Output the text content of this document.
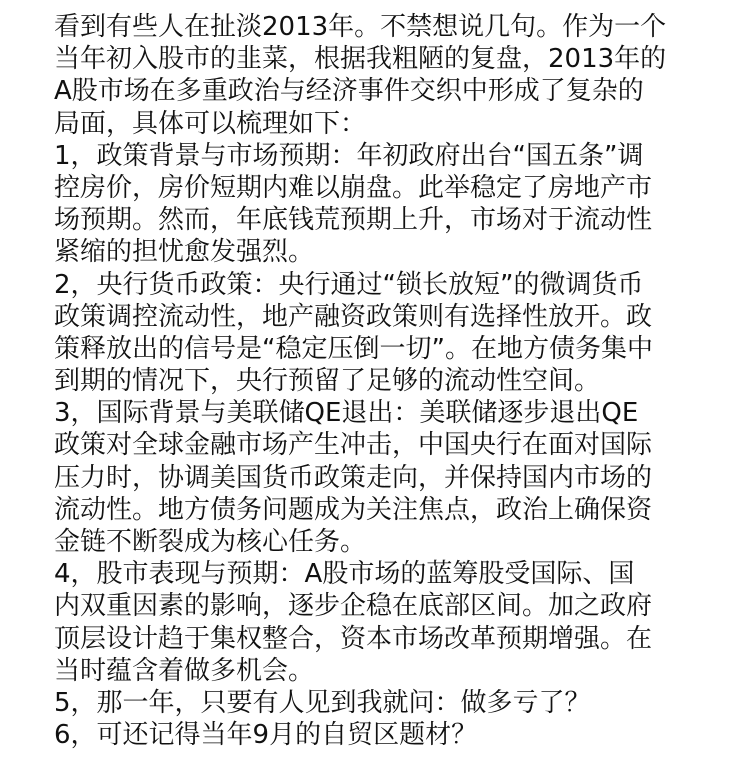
看到有些人在扯淡2013年。不禁想说几句。作为一个
当年初入股市的韭菜，根据我粗陋的复盘，2013年的
A股市场在多重政治与经济事件交织中形成了复杂的
局面，具体可以梳理如下：
1，政策背景与市场预期：年初政府出台“国五条”调
控房价，房价短期内难以崩盘。此举稳定了房地产市
场预期。然而，年底钱荒预期上升，市场对于流动性
紧缩的担忧愈发强烈。
2，央行货币政策：央行通过“锁长放短”的微调货币
政策调控流动性，地产融资政策则有选择性放开。政
策释放出的信号是“稳定压倒一切”。在地方债务集中
到期的情况下，央行预留了足够的流动性空间。
3，国际背景与美联储QE退出：美联储逐步退出QE
政策对全球金融市场产生冲击，中国央行在面对国际
压力时，协调美国货币政策走向，并保持国内市场的
流动性。地方债务问题成为关注焦点，政治上确保资
金链不断裂成为核心任务。
4，股市表现与预期：A股市场的蓝筹股受国际、国
内双重因素的影响，逐步企稳在底部区间。加之政府
顶层设计趋于集权整合，资本市场改革预期增强。在
当时蕴含着做多机会。
5，那一年，只要有人见到我就问：做多亏了？
6，可还记得当年9月的自贸区题材？
